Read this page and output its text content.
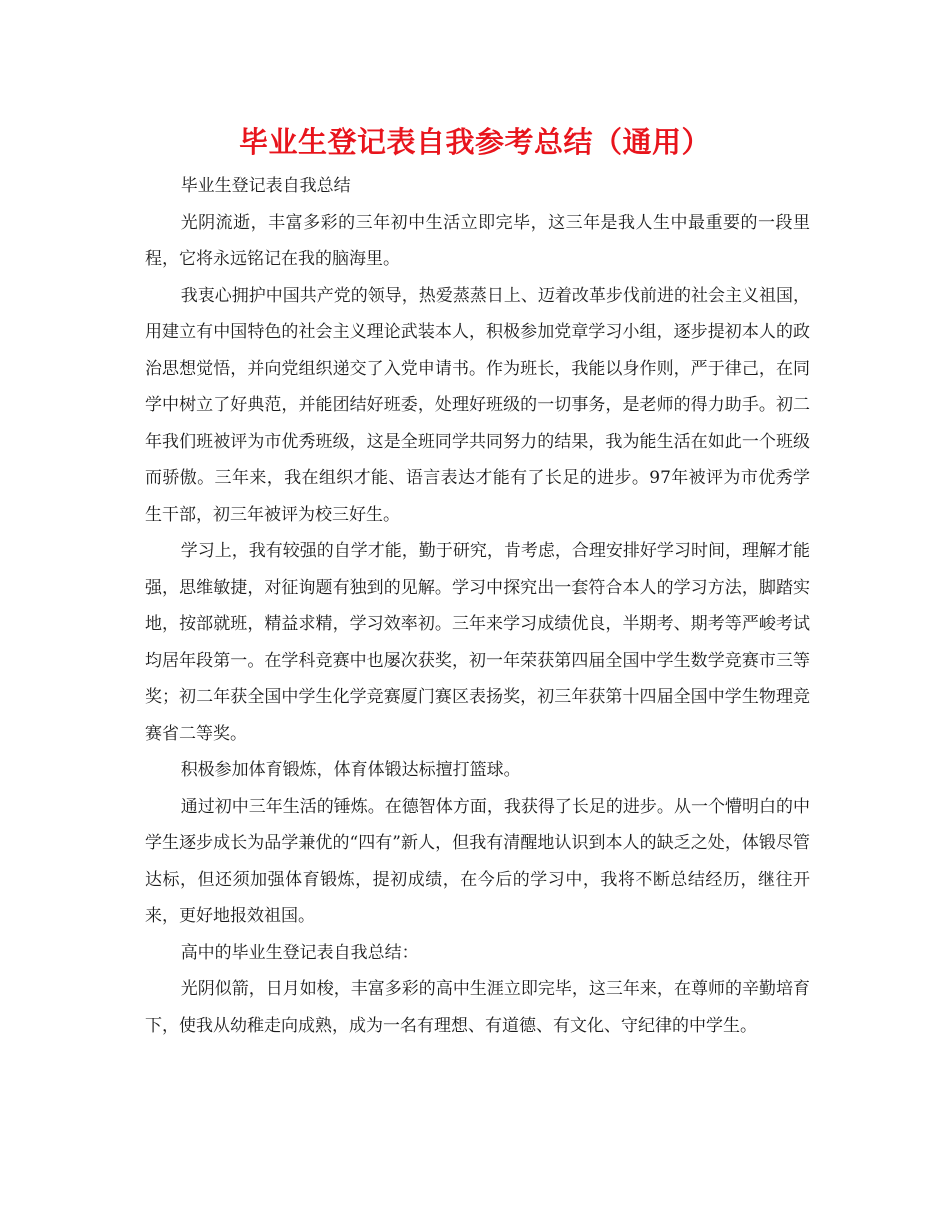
毕业生登记表自我参考总结（通用）

毕业生登记表自我总结

光阴流逝，丰富多彩的三年初中生活立即完毕，这三年是我人生中最重要的一段里程，它将永远铭记在我的脑海里。

我衷心拥护中国共产党的领导，热爱蒸蒸日上、迈着改革步伐前进的社会主义祖国，用建立有中国特色的社会主义理论武装本人，积极参加党章学习小组，逐步提初本人的政治思想觉悟，并向党组织递交了入党申请书。作为班长，我能以身作则，严于律己，在同学中树立了好典范，并能团结好班委，处理好班级的一切事务，是老师的得力助手。初二年我们班被评为市优秀班级，这是全班同学共同努力的结果，我为能生活在如此一个班级而骄傲。三年来，我在组织才能、语言表达才能有了长足的进步。97年被评为市优秀学生干部，初三年被评为校三好生。

学习上，我有较强的自学才能，勤于研究，肯考虑，合理安排好学习时间，理解才能强，思维敏捷，对征询题有独到的见解。学习中探究出一套符合本人的学习方法，脚踏实地，按部就班，精益求精，学习效率初。三年来学习成绩优良，半期考、期考等严峻考试均居年段第一。在学科竞赛中也屡次获奖，初一年荣获第四届全国中学生数学竞赛市三等奖；初二年获全国中学生化学竞赛厦门赛区表扬奖，初三年获第十四届全国中学生物理竞赛省二等奖。

积极参加体育锻炼，体育体锻达标擅打篮球。

通过初中三年生活的锤炼。在德智体方面，我获得了长足的进步。从一个懵明白的中学生逐步成长为品学兼优的“四有”新人，但我有清醒地认识到本人的缺乏之处，体锻尽管达标，但还须加强体育锻炼，提初成绩，在今后的学习中，我将不断总结经历，继往开来，更好地报效祖国。

高中的毕业生登记表自我总结：

光阴似箭，日月如梭，丰富多彩的高中生涯立即完毕，这三年来，在尊师的辛勤培育下，使我从幼稚走向成熟，成为一名有理想、有道德、有文化、守纪律的中学生。
